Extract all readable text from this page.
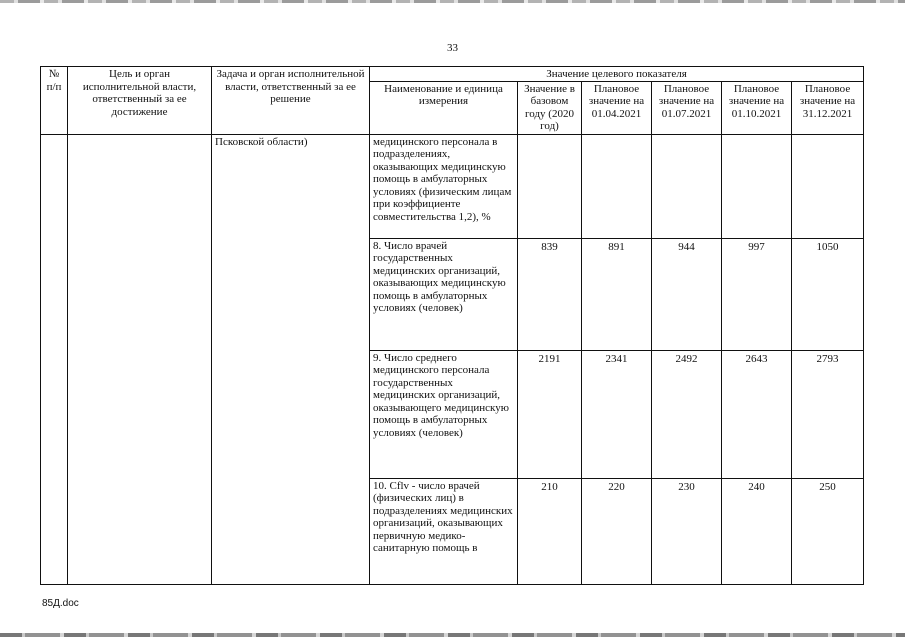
33
№ п/п	Цель и орган исполнительной власти, ответственный за ее достижение	Задача и орган исполнительной власти, ответственный за ее решение	Значение целевого показателя					
			Наименование и единица измерения	Значение в базовом году (2020 год)	Плановое значение на 01.04.2021	Плановое значение на 01.07.2021	Плановое значение на 01.10.2021	Плановое значение на 31.12.2021
		Псковской области)	медицинского персонала в подразделениях, оказывающих медицинскую помощь в амбулаторных условиях (физическим лицам при коэффициенте совместительства 1,2), %					
			8. Число врачей государственных медицинских организаций, оказывающих медицинскую помощь в амбулаторных условиях (человек)	839	891	944	997	1050
			9. Число среднего медицинского персонала государственных медицинских организаций, оказывающего медицинскую помощь в амбулаторных условиях (человек)	2191	2341	2492	2643	2793
			10. Cflv - число врачей (физических лиц) в подразделениях медицинских организаций, оказывающих первичную медико-санитарную помощь в	210	220	230	240	250
85Д.doc
